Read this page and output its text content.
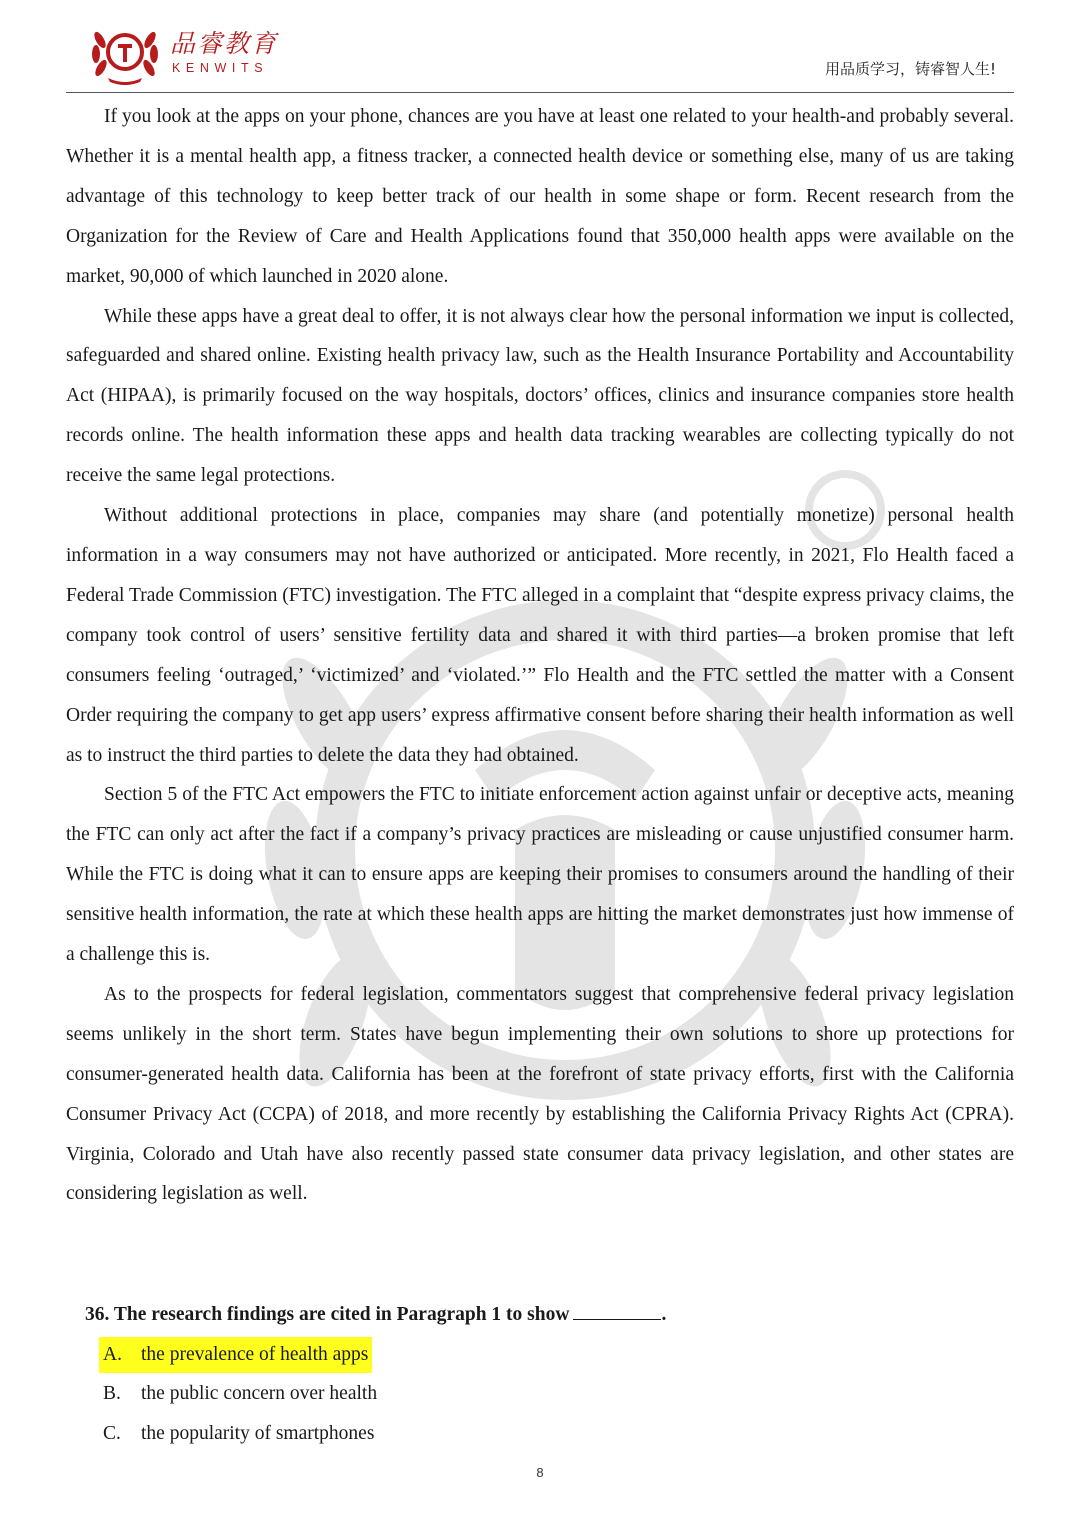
品睿教育
KENWITS	用品质学习，铸睿智人生!

If you look at the apps on your phone, chances are you have at least one related to your health-and probably several. Whether it is a mental health app, a fitness tracker, a connected health device or something else, many of us are taking advantage of this technology to keep better track of our health in some shape or form. Recent research from the Organization for the Review of Care and Health Applications found that 350,000 health apps were available on the market, 90,000 of which launched in 2020 alone.

While these apps have a great deal to offer, it is not always clear how the personal information we input is collected, safeguarded and shared online. Existing health privacy law, such as the Health Insurance Portability and Accountability Act (HIPAA), is primarily focused on the way hospitals, doctors’ offices, clinics and insurance companies store health records online. The health information these apps and health data tracking wearables are collecting typically do not receive the same legal protections.

Without additional protections in place, companies may share (and potentially monetize) personal health information in a way consumers may not have authorized or anticipated. More recently, in 2021, Flo Health faced a Federal Trade Commission (FTC) investigation. The FTC alleged in a complaint that “despite express privacy claims, the company took control of users’ sensitive fertility data and shared it with third parties—a broken promise that left consumers feeling ‘outraged,’ ‘victimized’ and ‘violated.’” Flo Health and the FTC settled the matter with a Consent Order requiring the company to get app users’ express affirmative consent before sharing their health information as well as to instruct the third parties to delete the data they had obtained.

Section 5 of the FTC Act empowers the FTC to initiate enforcement action against unfair or deceptive acts, meaning the FTC can only act after the fact if a company’s privacy practices are misleading or cause unjustified consumer harm. While the FTC is doing what it can to ensure apps are keeping their promises to consumers around the handling of their sensitive health information, the rate at which these health apps are hitting the market demonstrates just how immense of a challenge this is.

As to the prospects for federal legislation, commentators suggest that comprehensive federal privacy legislation seems unlikely in the short term. States have begun implementing their own solutions to shore up protections for consumer-generated health data. California has been at the forefront of state privacy efforts, first with the California Consumer Privacy Act (CCPA) of 2018, and more recently by establishing the California Privacy Rights Act (CPRA). Virginia, Colorado and Utah have also recently passed state consumer data privacy legislation, and other states are considering legislation as well.

36. The research findings are cited in Paragraph 1 to show	.
A. the prevalence of health apps
B. the public concern over health
C. the popularity of smartphones
8
